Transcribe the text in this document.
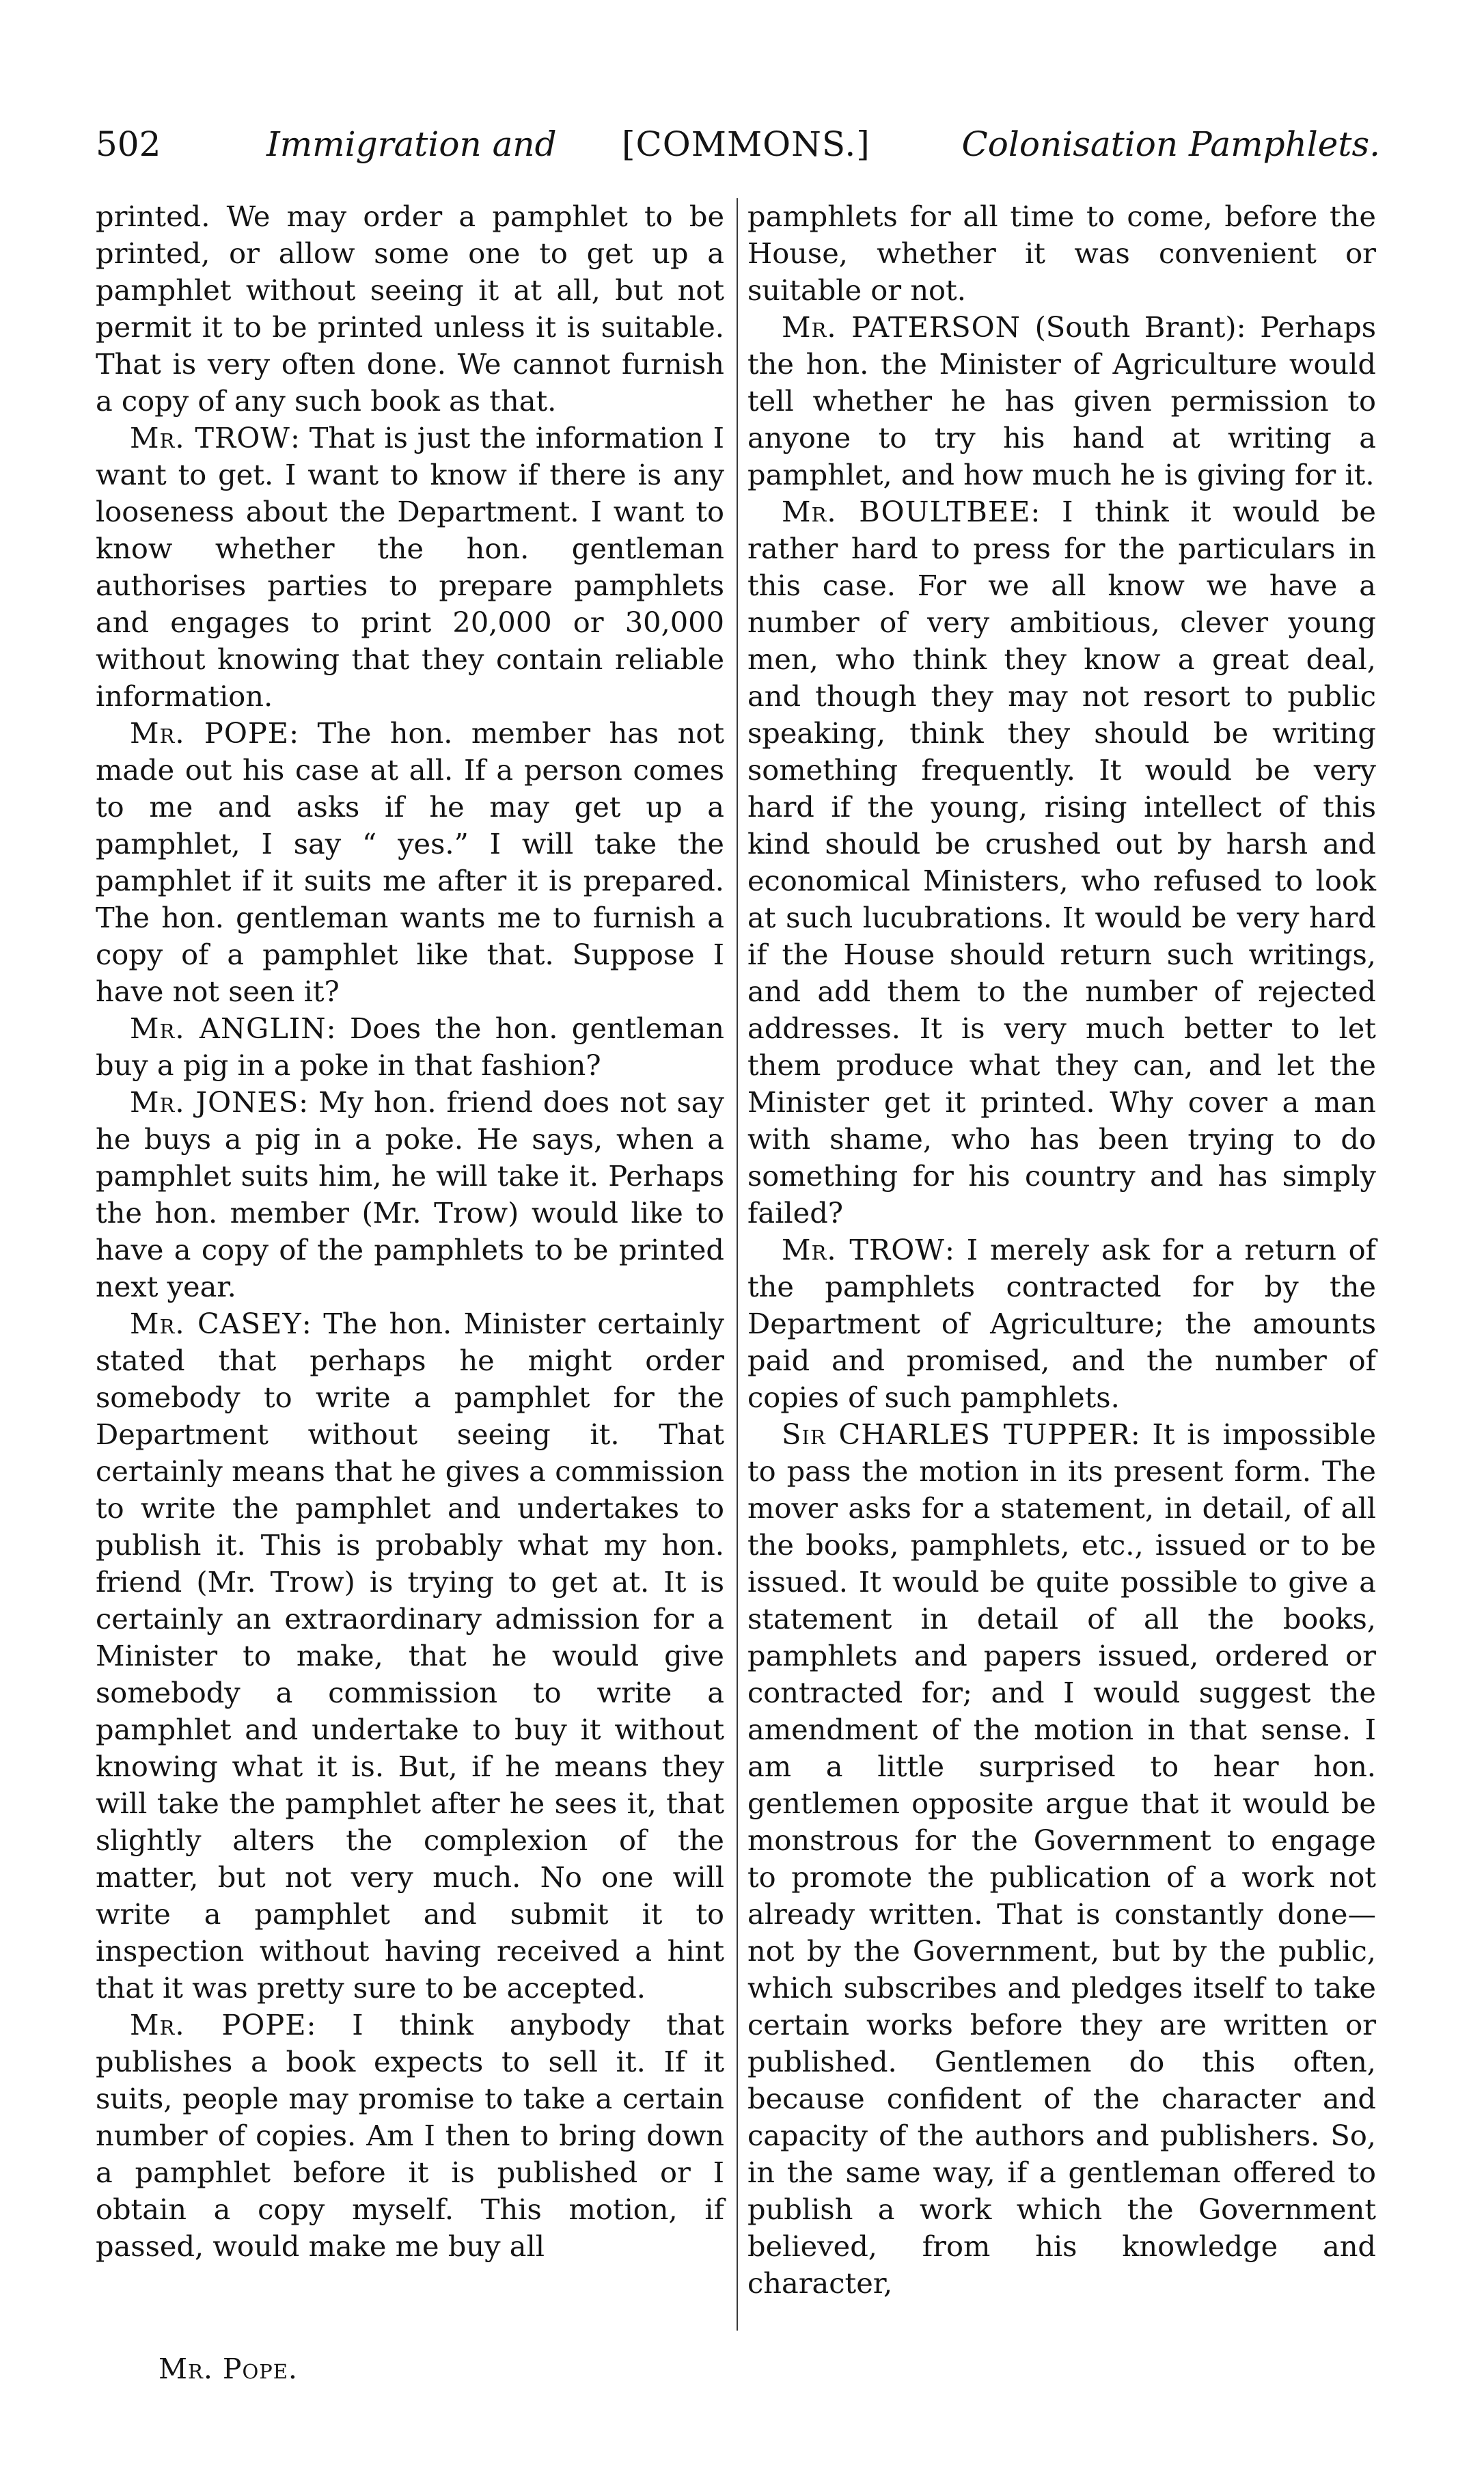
502	Immigration and [COMMONS.]	Colonisation Pamphlets.

printed. We may order a pamphlet to be printed, or allow some one to get up a pamphlet without seeing it at all, but not permit it to be printed unless it is suitable. That is very often done. We cannot furnish a copy of any such book as that.

Mr. TROW: That is just the information I want to get. I want to know if there is any looseness about the Department. I want to know whether the hon. gentleman authorises parties to prepare pamphlets and engages to print 20,000 or 30,000 without knowing that they contain reliable information.

Mr. POPE: The hon. member has not made out his case at all. If a person comes to me and asks if he may get up a pamphlet, I say “ yes.” I will take the pamphlet if it suits me after it is prepared. The hon. gentleman wants me to furnish a copy of a pamphlet like that. Suppose I have not seen it?

Mr. ANGLIN: Does the hon. gentleman buy a pig in a poke in that fashion?

Mr. JONES: My hon. friend does not say he buys a pig in a poke. He says, when a pamphlet suits him, he will take it. Perhaps the hon. member (Mr. Trow) would like to have a copy of the pamphlets to be printed next year.

Mr. CASEY: The hon. Minister certainly stated that perhaps he might order somebody to write a pamphlet for the Department without seeing it. That certainly means that he gives a commission to write the pamphlet and undertakes to publish it. This is probably what my hon. friend (Mr. Trow) is trying to get at. It is certainly an extraordinary admission for a Minister to make, that he would give somebody a commission to write a pamphlet and undertake to buy it without knowing what it is. But, if he means they will take the pamphlet after he sees it, that slightly alters the complexion of the matter, but not very much. No one will write a pamphlet and submit it to inspection without having received a hint that it was pretty sure to be accepted.

Mr. POPE: I think anybody that publishes a book expects to sell it. If it suits, people may promise to take a certain number of copies. Am I then to bring down a pamphlet before it is published or I obtain a copy myself. This motion, if passed, would make me buy all

pamphlets for all time to come, before the House, whether it was convenient or suitable or not.

Mr. PATERSON (South Brant): Perhaps the hon. the Minister of Agriculture would tell whether he has given permission to anyone to try his hand at writing a pamphlet, and how much he is giving for it.

Mr. BOULTBEE: I think it would be rather hard to press for the particulars in this case. For we all know we have a number of very ambitious, clever young men, who think they know a great deal, and though they may not resort to public speaking, think they should be writing something frequently. It would be very hard if the young, rising intellect of this kind should be crushed out by harsh and economical Ministers, who refused to look at such lucubrations. It would be very hard if the House should return such writings, and add them to the number of rejected addresses. It is very much better to let them produce what they can, and let the Minister get it printed. Why cover a man with shame, who has been trying to do something for his country and has simply failed?

Mr. TROW: I merely ask for a return of the pamphlets contracted for by the Department of Agriculture; the amounts paid and promised, and the number of copies of such pamphlets.

Sir CHARLES TUPPER: It is impossible to pass the motion in its present form. The mover asks for a statement, in detail, of all the books, pamphlets, etc., issued or to be issued. It would be quite possible to give a statement in detail of all the books, pamphlets and papers issued, ordered or contracted for; and I would suggest the amendment of the motion in that sense. I am a little surprised to hear hon. gentlemen opposite argue that it would be monstrous for the Government to engage to promote the publication of a work not already written. That is constantly done—not by the Government, but by the public, which subscribes and pledges itself to take certain works before they are written or published. Gentlemen do this often, because confident of the character and capacity of the authors and publishers. So, in the same way, if a gentleman offered to publish a work which the Government believed, from his knowledge and character,

Mr. Pope.
